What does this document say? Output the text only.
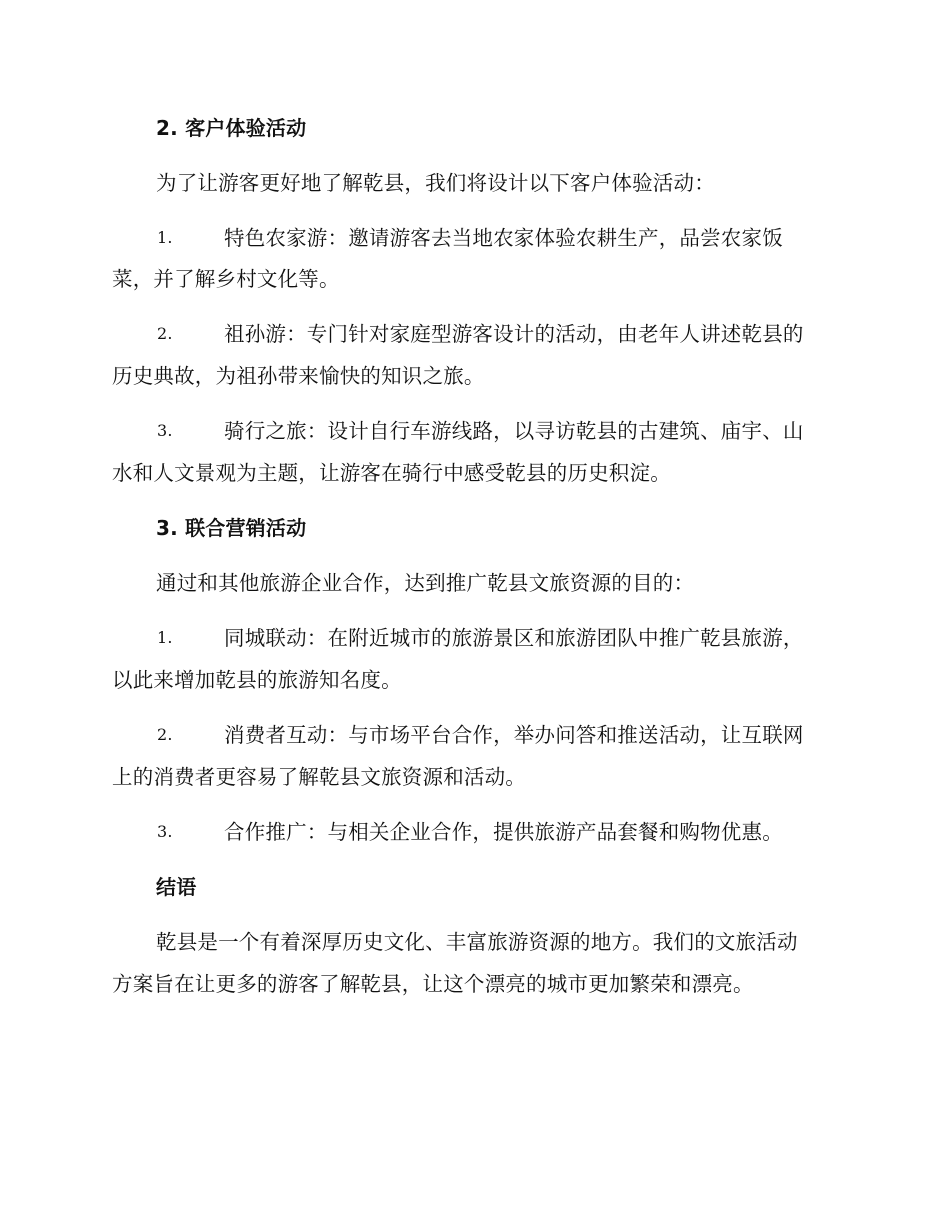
2. 客户体验活动
为了让游客更好地了解乾县，我们将设计以下客户体验活动：
1.	特色农家游：邀请游客去当地农家体验农耕生产，品尝农家饭
菜，并了解乡村文化等。
2.	祖孙游：专门针对家庭型游客设计的活动，由老年人讲述乾县的
历史典故，为祖孙带来愉快的知识之旅。
3.	骑行之旅：设计自行车游线路，以寻访乾县的古建筑、庙宇、山
水和人文景观为主题，让游客在骑行中感受乾县的历史积淀。
3. 联合营销活动
通过和其他旅游企业合作，达到推广乾县文旅资源的目的：
1.	同城联动：在附近城市的旅游景区和旅游团队中推广乾县旅游，
以此来增加乾县的旅游知名度。
2.	消费者互动：与市场平台合作，举办问答和推送活动，让互联网
上的消费者更容易了解乾县文旅资源和活动。
3.	合作推广：与相关企业合作，提供旅游产品套餐和购物优惠。
结语
乾县是一个有着深厚历史文化、丰富旅游资源的地方。我们的文旅活动
方案旨在让更多的游客了解乾县，让这个漂亮的城市更加繁荣和漂亮。
